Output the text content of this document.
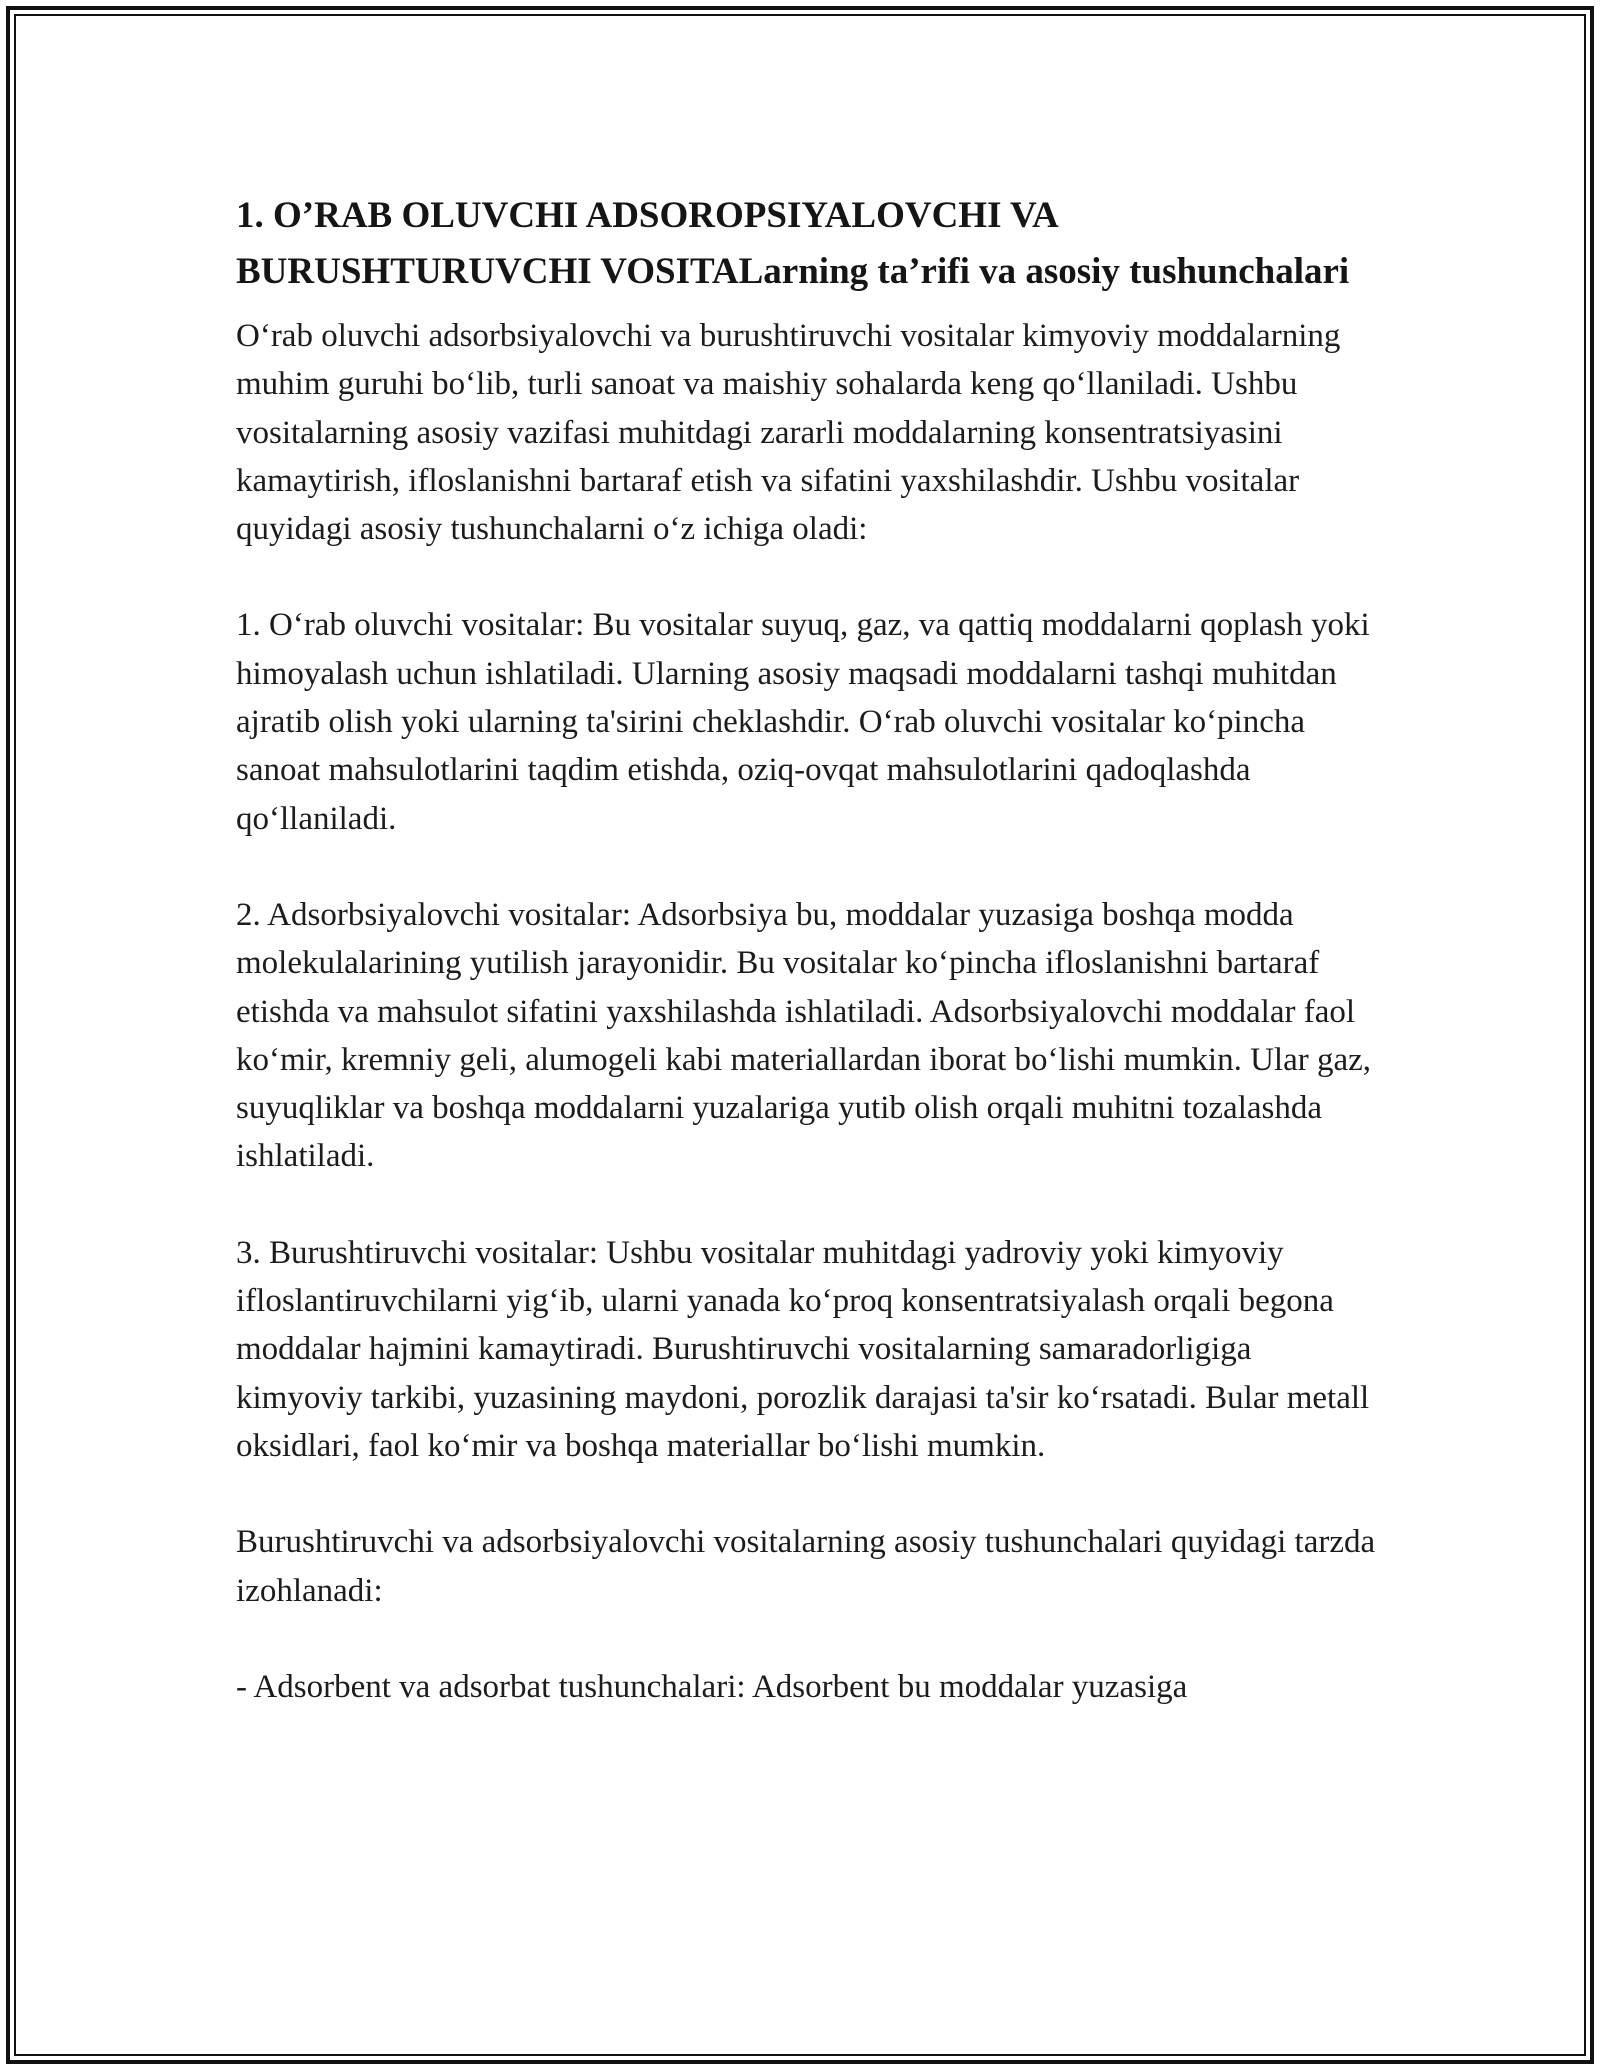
1. O’RAB OLUVCHI ADSOROPSIYALOVCHI VA BURUSHTURUVCHI VOSITALarning ta’rifi va asosiy tushunchalari

O‘rab oluvchi adsorbsiyalovchi va burushtiruvchi vositalar kimyoviy moddalarning muhim guruhi bo‘lib, turli sanoat va maishiy sohalarda keng qo‘llaniladi. Ushbu vositalarning asosiy vazifasi muhitdagi zararli moddalarning konsentratsiyasini kamaytirish, ifloslanishni bartaraf etish va sifatini yaxshilashdir. Ushbu vositalar quyidagi asosiy tushunchalarni o‘z ichiga oladi:

1. O‘rab oluvchi vositalar: Bu vositalar suyuq, gaz, va qattiq moddalarni qoplash yoki himoyalash uchun ishlatiladi. Ularning asosiy maqsadi moddalarni tashqi muhitdan ajratib olish yoki ularning ta'sirini cheklashdir. O‘rab oluvchi vositalar ko‘pincha sanoat mahsulotlarini taqdim etishda, oziq-ovqat mahsulotlarini qadoqlashda qo‘llaniladi.

2. Adsorbsiyalovchi vositalar: Adsorbsiya bu, moddalar yuzasiga boshqa modda molekulalarining yutilish jarayonidir. Bu vositalar ko‘pincha ifloslanishni bartaraf etishda va mahsulot sifatini yaxshilashda ishlatiladi. Adsorbsiyalovchi moddalar faol ko‘mir, kremniy geli, alumogeli kabi materiallardan iborat bo‘lishi mumkin. Ular gaz, suyuqliklar va boshqa moddalarni yuzalariga yutib olish orqali muhitni tozalashda ishlatiladi.

3. Burushtiruvchi vositalar: Ushbu vositalar muhitdagi yadroviy yoki kimyoviy ifloslantiruvchilarni yig‘ib, ularni yanada ko‘proq konsentratsiyalash orqali begona moddalar hajmini kamaytiradi. Burushtiruvchi vositalarning samaradorligiga kimyoviy tarkibi, yuzasining maydoni, porozlik darajasi ta'sir ko‘rsatadi. Bular metall oksidlari, faol ko‘mir va boshqa materiallar bo‘lishi mumkin.

Burushtiruvchi va adsorbsiyalovchi vositalarning asosiy tushunchalari quyidagi tarzda izohlanadi:

- Adsorbent va adsorbat tushunchalari: Adsorbent bu moddalar yuzasiga
